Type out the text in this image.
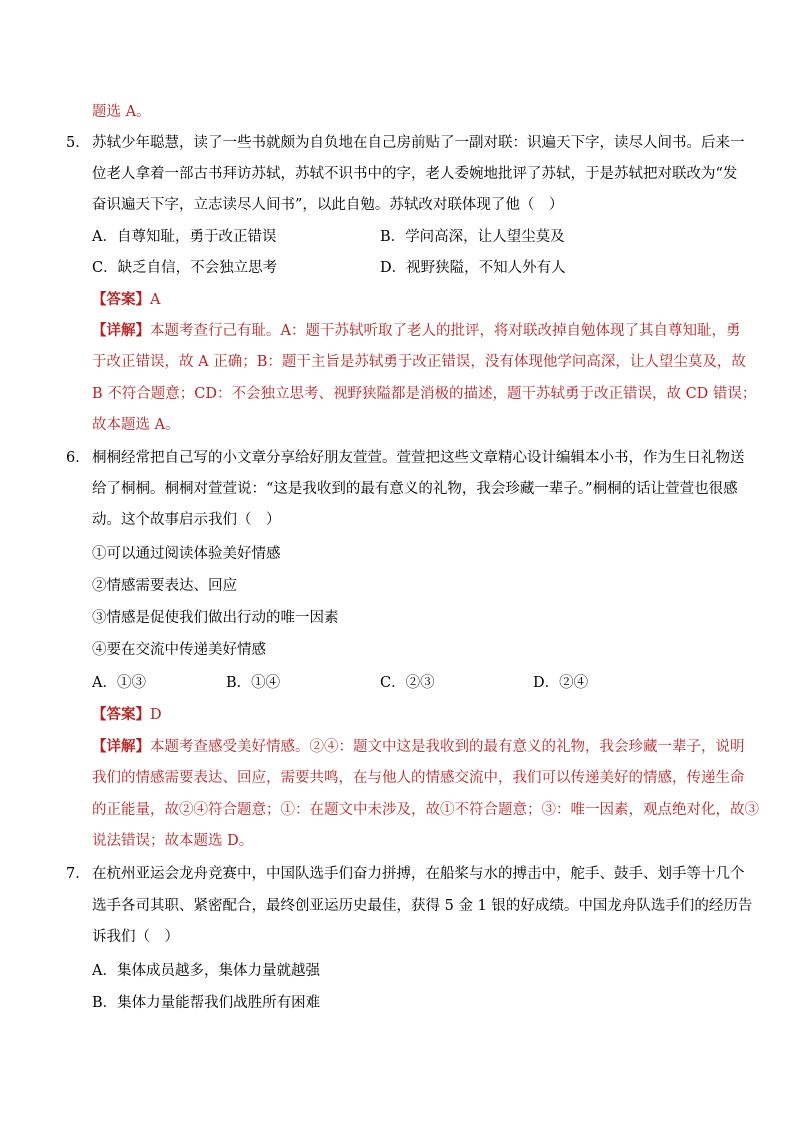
题选 A。
5． 苏轼少年聪慧，读了一些书就颇为自负地在自己房前贴了一副对联：识遍天下字，读尽人间书。后来一
位老人拿着一部古书拜访苏轼，苏轼不识书中的字，老人委婉地批评了苏轼，于是苏轼把对联改为“发
奋识遍天下字，立志读尽人间书”，以此自勉。苏轼改对联体现了他（　）
A．自尊知耻，勇于改正错误	B．学问高深，让人望尘莫及
C．缺乏自信，不会独立思考	D．视野狭隘，不知人外有人
【答案】A
【详解】本题考查行己有耻。A：题干苏轼听取了老人的批评，将对联改掉自勉体现了其自尊知耻，勇
于改正错误，故 A 正确；B：题干主旨是苏轼勇于改正错误，没有体现他学问高深，让人望尘莫及，故
B 不符合题意；CD：不会独立思考、视野狭隘都是消极的描述，题干苏轼勇于改正错误，故 CD 错误；
故本题选 A。
6． 桐桐经常把自己写的小文章分享给好朋友萱萱。萱萱把这些文章精心设计编辑本小书，作为生日礼物送
给了桐桐。桐桐对萱萱说：“这是我收到的最有意义的礼物，我会珍藏一辈子。”桐桐的话让萱萱也很感
动。这个故事启示我们（　）
①可以通过阅读体验美好情感
②情感需要表达、回应
③情感是促使我们做出行动的唯一因素
④要在交流中传递美好情感
A．①③	B．①④	C．②③	D．②④
【答案】D
【详解】本题考查感受美好情感。②④：题文中这是我收到的最有意义的礼物，我会珍藏一辈子，说明
我们的情感需要表达、回应，需要共鸣，在与他人的情感交流中，我们可以传递美好的情感，传递生命
的正能量，故②④符合题意；①：在题文中未涉及，故①不符合题意；③：唯一因素，观点绝对化，故③
说法错误；故本题选 D。
7． 在杭州亚运会龙舟竞赛中，中国队选手们奋力拼搏，在船桨与水的搏击中，舵手、鼓手、划手等十几个
选手各司其职、紧密配合，最终创亚运历史最佳，获得 5 金 1 银的好成绩。中国龙舟队选手们的经历告
诉我们（　）
A．集体成员越多，集体力量就越强
B．集体力量能帮我们战胜所有困难
